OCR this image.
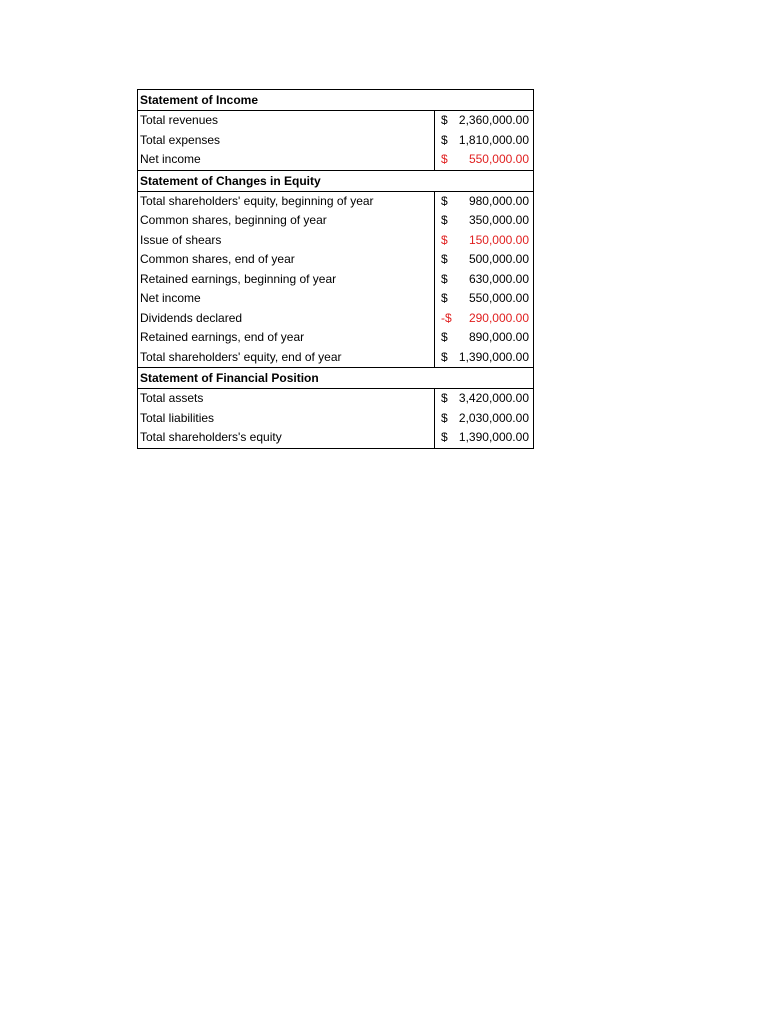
Statement of Income
Total revenues	$ 2,360,000.00
Total expenses	$ 1,810,000.00
Net income	$ 550,000.00
Statement of Changes in Equity
Total shareholders' equity, beginning of year	$ 980,000.00
Common shares, beginning of year	$ 350,000.00
Issue of shears	$ 150,000.00
Common shares, end of year	$ 500,000.00
Retained earnings, beginning of year	$ 630,000.00
Net income	$ 550,000.00
Dividends declared	-$ 290,000.00
Retained earnings, end of year	$ 890,000.00
Total shareholders' equity, end of year	$ 1,390,000.00
Statement of Financial Position
Total assets	$ 3,420,000.00
Total liabilities	$ 2,030,000.00
Total shareholders's equity	$ 1,390,000.00
